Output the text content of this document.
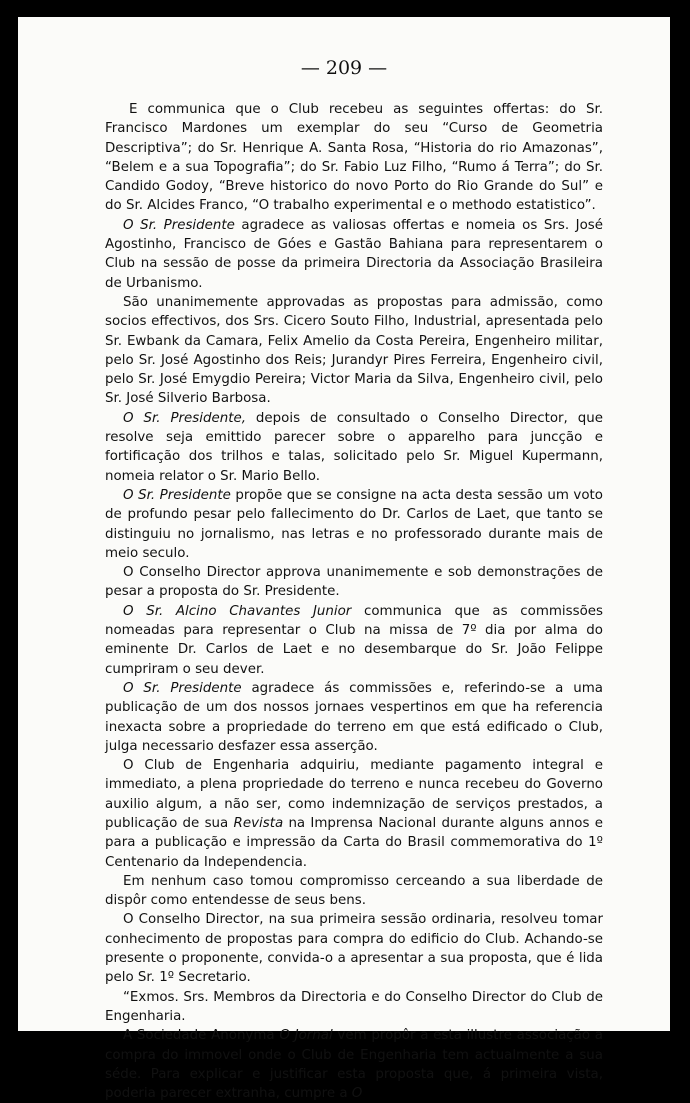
— 209 —

E communica que o Club recebeu as seguintes offertas: do Sr. Francisco Mardones um exemplar do seu “Curso de Geometria Descriptiva”; do Sr. Henrique A. Santa Rosa, “Historia do rio Amazonas”, “Belem e a sua Topografia”; do Sr. Fabio Luz Filho, “Rumo á Terra”; do Sr. Candido Godoy, “Breve historico do novo Porto do Rio Grande do Sul” e do Sr. Alcides Franco, “O trabalho experimental e o methodo estatistico”.

O Sr. Presidente agradece as valiosas offertas e nomeia os Srs. José Agostinho, Francisco de Góes e Gastão Bahiana para representarem o Club na sessão de posse da primeira Directoria da Associação Brasileira de Urbanismo.

São unanimemente approvadas as propostas para admissão, como socios effectivos, dos Srs. Cicero Souto Filho, Industrial, apresentada pelo Sr. Ewbank da Camara, Felix Amelio da Costa Pereira, Engenheiro militar, pelo Sr. José Agostinho dos Reis; Jurandyr Pires Ferreira, Engenheiro civil, pelo Sr. José Emygdio Pereira; Victor Maria da Silva, Engenheiro civil, pelo Sr. José Silverio Barbosa.

O Sr. Presidente, depois de consultado o Conselho Director, que resolve seja emittido parecer sobre o apparelho para juncção e fortificação dos trilhos e talas, solicitado pelo Sr. Miguel Kupermann, nomeia relator o Sr. Mario Bello.

O Sr. Presidente propõe que se consigne na acta desta sessão um voto de profundo pesar pelo fallecimento do Dr. Carlos de Laet, que tanto se distinguiu no jornalismo, nas letras e no professorado durante mais de meio seculo.

O Conselho Director approva unanimemente e sob demonstrações de pesar a proposta do Sr. Presidente.

O Sr. Alcino Chavantes Junior communica que as commissões nomeadas para representar o Club na missa de 7º dia por alma do eminente Dr. Carlos de Laet e no desembarque do Sr. João Felippe cumpriram o seu dever.

O Sr. Presidente agradece ás commissões e, referindo-se a uma publicação de um dos nossos jornaes vespertinos em que ha referencia inexacta sobre a propriedade do terreno em que está edificado o Club, julga necessario desfazer essa asserção.

O Club de Engenharia adquiriu, mediante pagamento integral e immediato, a plena propriedade do terreno e nunca recebeu do Governo auxilio algum, a não ser, como indemnização de serviços prestados, a publicação de sua Revista na Imprensa Nacional durante alguns annos e para a publicação e impressão da Carta do Brasil commemorativa do 1º Centenario da Independencia.

Em nenhum caso tomou compromisso cerceando a sua liberdade de dispôr como entendesse de seus bens.

O Conselho Director, na sua primeira sessão ordinaria, resolveu tomar conhecimento de propostas para compra do edificio do Club. Achando-se presente o proponente, convida-o a apresentar a sua proposta, que é lida pelo Sr. 1º Secretario.

“Exmos. Srs. Membros da Directoria e do Conselho Director do Club de Engenharia.

A Sociedade Anonyma O Jornal vem propôr a esta illustre associação a compra do immovel onde o Club de Engenharia tem actualmente a sua séde. Para explicar e justificar esta proposta que, á primeira vista, poderia parecer extranha, cumpre a O
